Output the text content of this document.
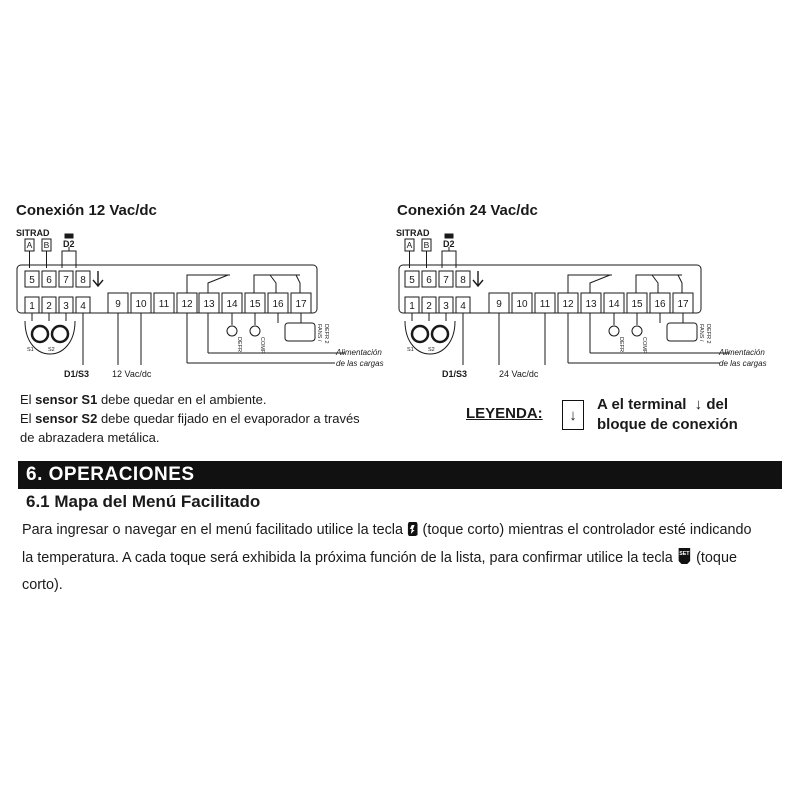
Conexión 12 Vac/dc
A B
SITRAD
D2
5 6 7 8
1 2 3 4	9 10 11 12 13 14 15 16 17
S1	S2	DEFR	COMP
FANS / DEFR 2
D1/S3	12 Vac/dc
Alimentación
de las cargas
Conexión 24 Vac/dc
A B
SITRAD
D2
5 6 7 8
1 2 3 4	9 10 11 12 13 14 15 16 17
S1	S2	DEFR	COMP
FANS / DEFR 2
D1/S3	24 Vac/dc
Alimentación
de las cargas
El sensor S1 debe quedar en el ambiente.
El sensor S2 debe quedar fijado en el evaporador a través
de abrazadera metálica.
LEYENDA: ↓
A el terminal ↓ del
bloque de conexión
6. OPERACIONES
6.1 Mapa del Menú Facilitado
Para ingresar o navegar en el menú facilitado utilice la tecla (toque corto) mientras el controlador esté indicando la temperatura. A cada toque será exhibida la próxima función de la lista, para confirmar utilice la tecla SET (toque corto).
